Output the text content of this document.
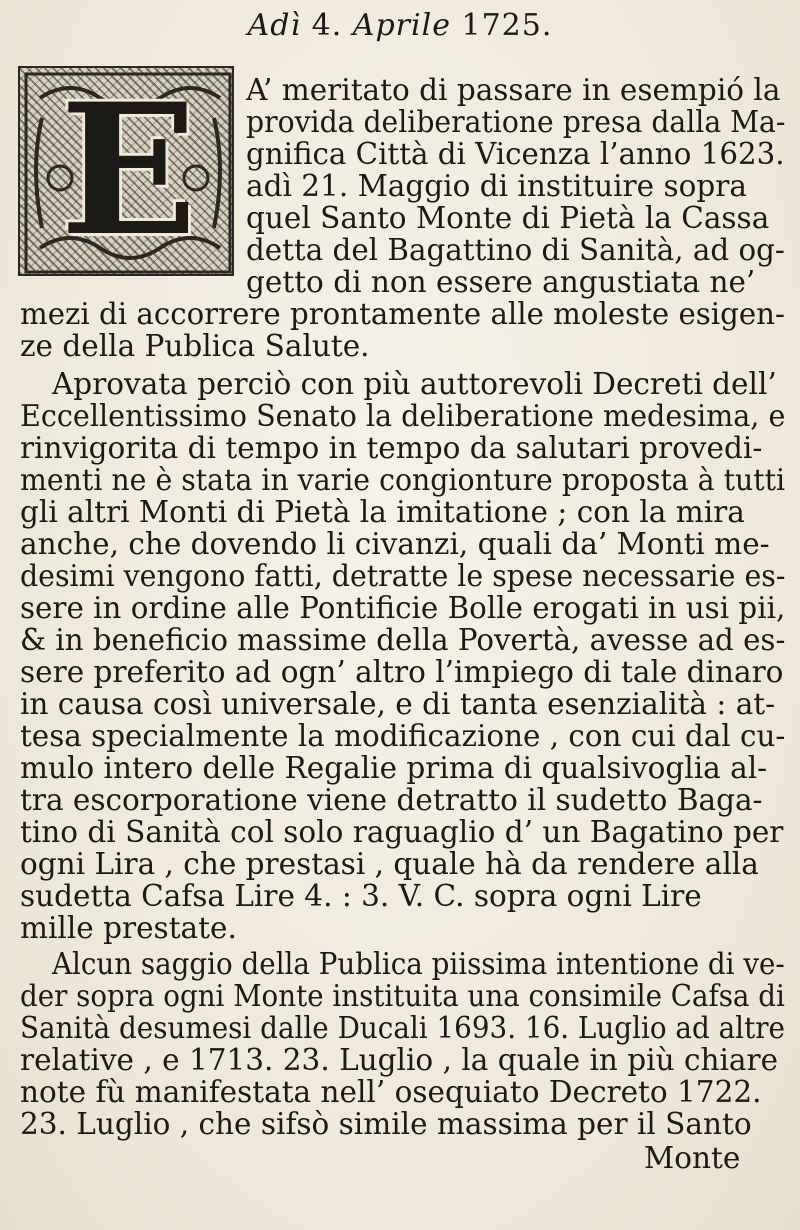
Adì 4. Aprile 1725.
E A’ meritato di passare in esempió la
provida deliberatione presa dalla Ma-
gnifica Città di Vicenza l’anno 1623.
adì 21. Maggio di instituire sopra
quel Santo Monte di Pietà la Cassa
detta del Bagattino di Sanità, ad og-
getto di non essere angustiata ne’
mezi di accorrere prontamente alle moleste esigen-
ze della Publica Salute.
Aprovata perciò con più auttorevoli Decreti dell’
Eccellentissimo Senato la deliberatione medesima, e
rinvigorita di tempo in tempo da salutari provedi-
menti ne è stata in varie congionture proposta à tutti
gli altri Monti di Pietà la imitatione ; con la mira
anche, che dovendo li civanzi, quali da’ Monti me-
desimi vengono fatti, detratte le spese necessarie es-
sere in ordine alle Pontificie Bolle erogati in usi pii,
& in beneficio massime della Povertà, avesse ad es-
sere preferito ad ogn’ altro l’impiego di tale dinaro
in causa così universale, e di tanta esenzialità : at-
tesa specialmente la modificazione , con cui dal cu-
mulo intero delle Regalie prima di qualsivoglia al-
tra escorporatione viene detratto il sudetto Baga-
tino di Sanità col solo raguaglio d’ un Bagatino per
ogni Lira , che prestasi , quale hà da rendere alla
sudetta Cafsa Lire 4. : 3. V. C. sopra ogni Lire
mille prestate.
Alcun saggio della Publica piissima intentione di ve-
der sopra ogni Monte instituita una consimile Cafsa di
Sanità desumesi dalle Ducali 1693. 16. Luglio ad altre
relative , e 1713. 23. Luglio , la quale in più chiare
note fù manifestata nell’ osequiato Decreto 1722.
23. Luglio , che sifsò simile massima per il Santo
Monte
